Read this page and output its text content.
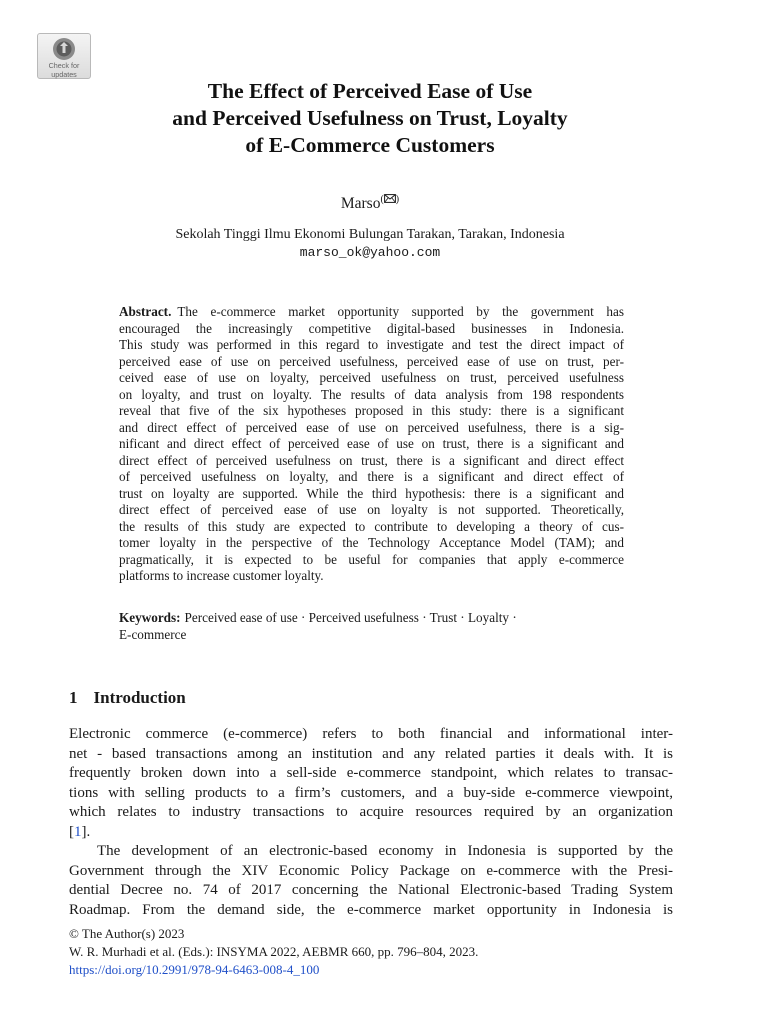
Check for
updates
The Effect of Perceived Ease of Use
and Perceived Usefulness on Trust, Loyalty
of E-Commerce Customers
Marso( )
Sekolah Tinggi Ilmu Ekonomi Bulungan Tarakan, Tarakan, Indonesia
marso_ok@yahoo.com
Abstract. The e-commerce market opportunity supported by the government has
encouraged the increasingly competitive digital-based businesses in Indonesia.
This study was performed in this regard to investigate and test the direct impact of
perceived ease of use on perceived usefulness, perceived ease of use on trust, per-
ceived ease of use on loyalty, perceived usefulness on trust, perceived usefulness
on loyalty, and trust on loyalty. The results of data analysis from 198 respondents
reveal that five of the six hypotheses proposed in this study: there is a significant
and direct effect of perceived ease of use on perceived usefulness, there is a sig-
nificant and direct effect of perceived ease of use on trust, there is a significant and
direct effect of perceived usefulness on trust, there is a significant and direct effect
of perceived usefulness on loyalty, and there is a significant and direct effect of
trust on loyalty are supported. While the third hypothesis: there is a significant and
direct effect of perceived ease of use on loyalty is not supported. Theoretically,
the results of this study are expected to contribute to developing a theory of cus-
tomer loyalty in the perspective of the Technology Acceptance Model (TAM); and
pragmatically, it is expected to be useful for companies that apply e-commerce
platforms to increase customer loyalty.
Keywords: Perceived ease of use · Perceived usefulness · Trust · Loyalty ·
E-commerce
1 Introduction
Electronic commerce (e-commerce) refers to both financial and informational inter-
net - based transactions among an institution and any related parties it deals with. It is
frequently broken down into a sell-side e-commerce standpoint, which relates to transac-
tions with selling products to a firm’s customers, and a buy-side e-commerce viewpoint,
which relates to industry transactions to acquire resources required by an organization
[1].
The development of an electronic-based economy in Indonesia is supported by the
Government through the XIV Economic Policy Package on e-commerce with the Presi-
dential Decree no. 74 of 2017 concerning the National Electronic-based Trading System
Roadmap. From the demand side, the e-commerce market opportunity in Indonesia is
© The Author(s) 2023
W. R. Murhadi et al. (Eds.): INSYMA 2022, AEBMR 660, pp. 796–804, 2023.
https://doi.org/10.2991/978-94-6463-008-4_100
